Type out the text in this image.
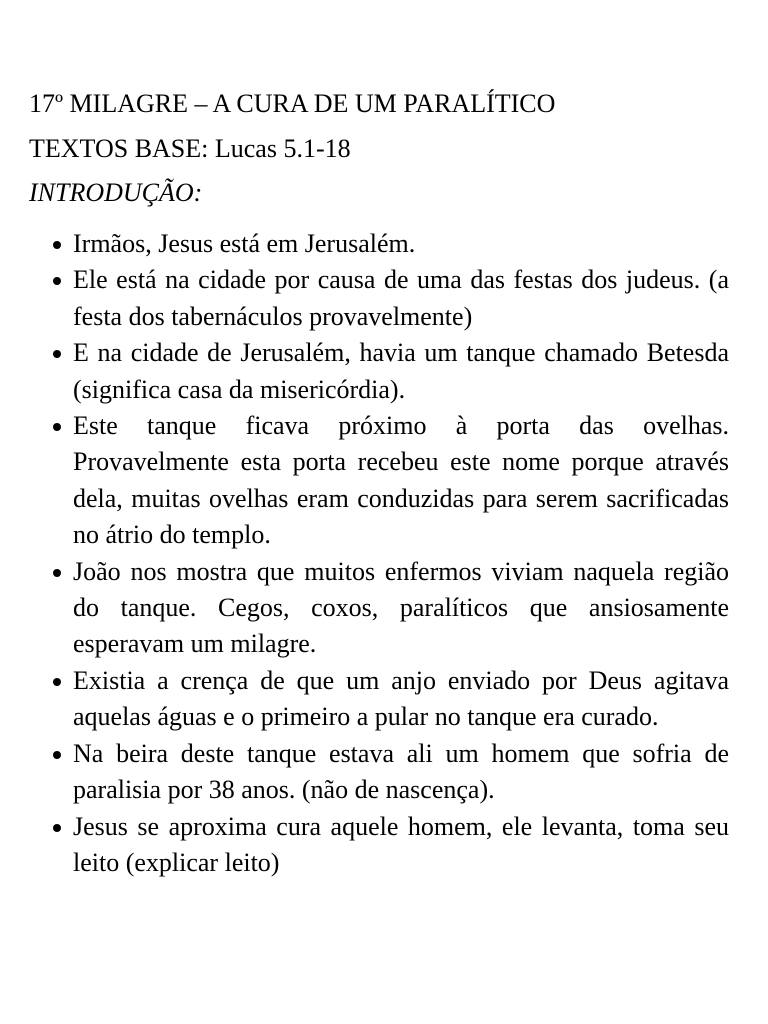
17º MILAGRE – A CURA DE UM PARALÍTICO
TEXTOS BASE: Lucas 5.1-18
INTRODUÇÃO:
Irmãos, Jesus está em Jerusalém.
Ele está na cidade por causa de uma das festas dos judeus. (a festa dos tabernáculos provavelmente)
E na cidade de Jerusalém, havia um tanque chamado Betesda (significa casa da misericórdia).
Este tanque ficava próximo à porta das ovelhas. Provavelmente esta porta recebeu este nome porque através dela, muitas ovelhas eram conduzidas para serem sacrificadas no átrio do templo.
João nos mostra que muitos enfermos viviam naquela região do tanque. Cegos, coxos, paralíticos que ansiosamente esperavam um milagre.
Existia a crença de que um anjo enviado por Deus agitava aquelas águas e o primeiro a pular no tanque era curado.
Na beira deste tanque estava ali um homem que sofria de paralisia por 38 anos. (não de nascença).
Jesus se aproxima cura aquele homem, ele levanta, toma seu leito (explicar leito)
